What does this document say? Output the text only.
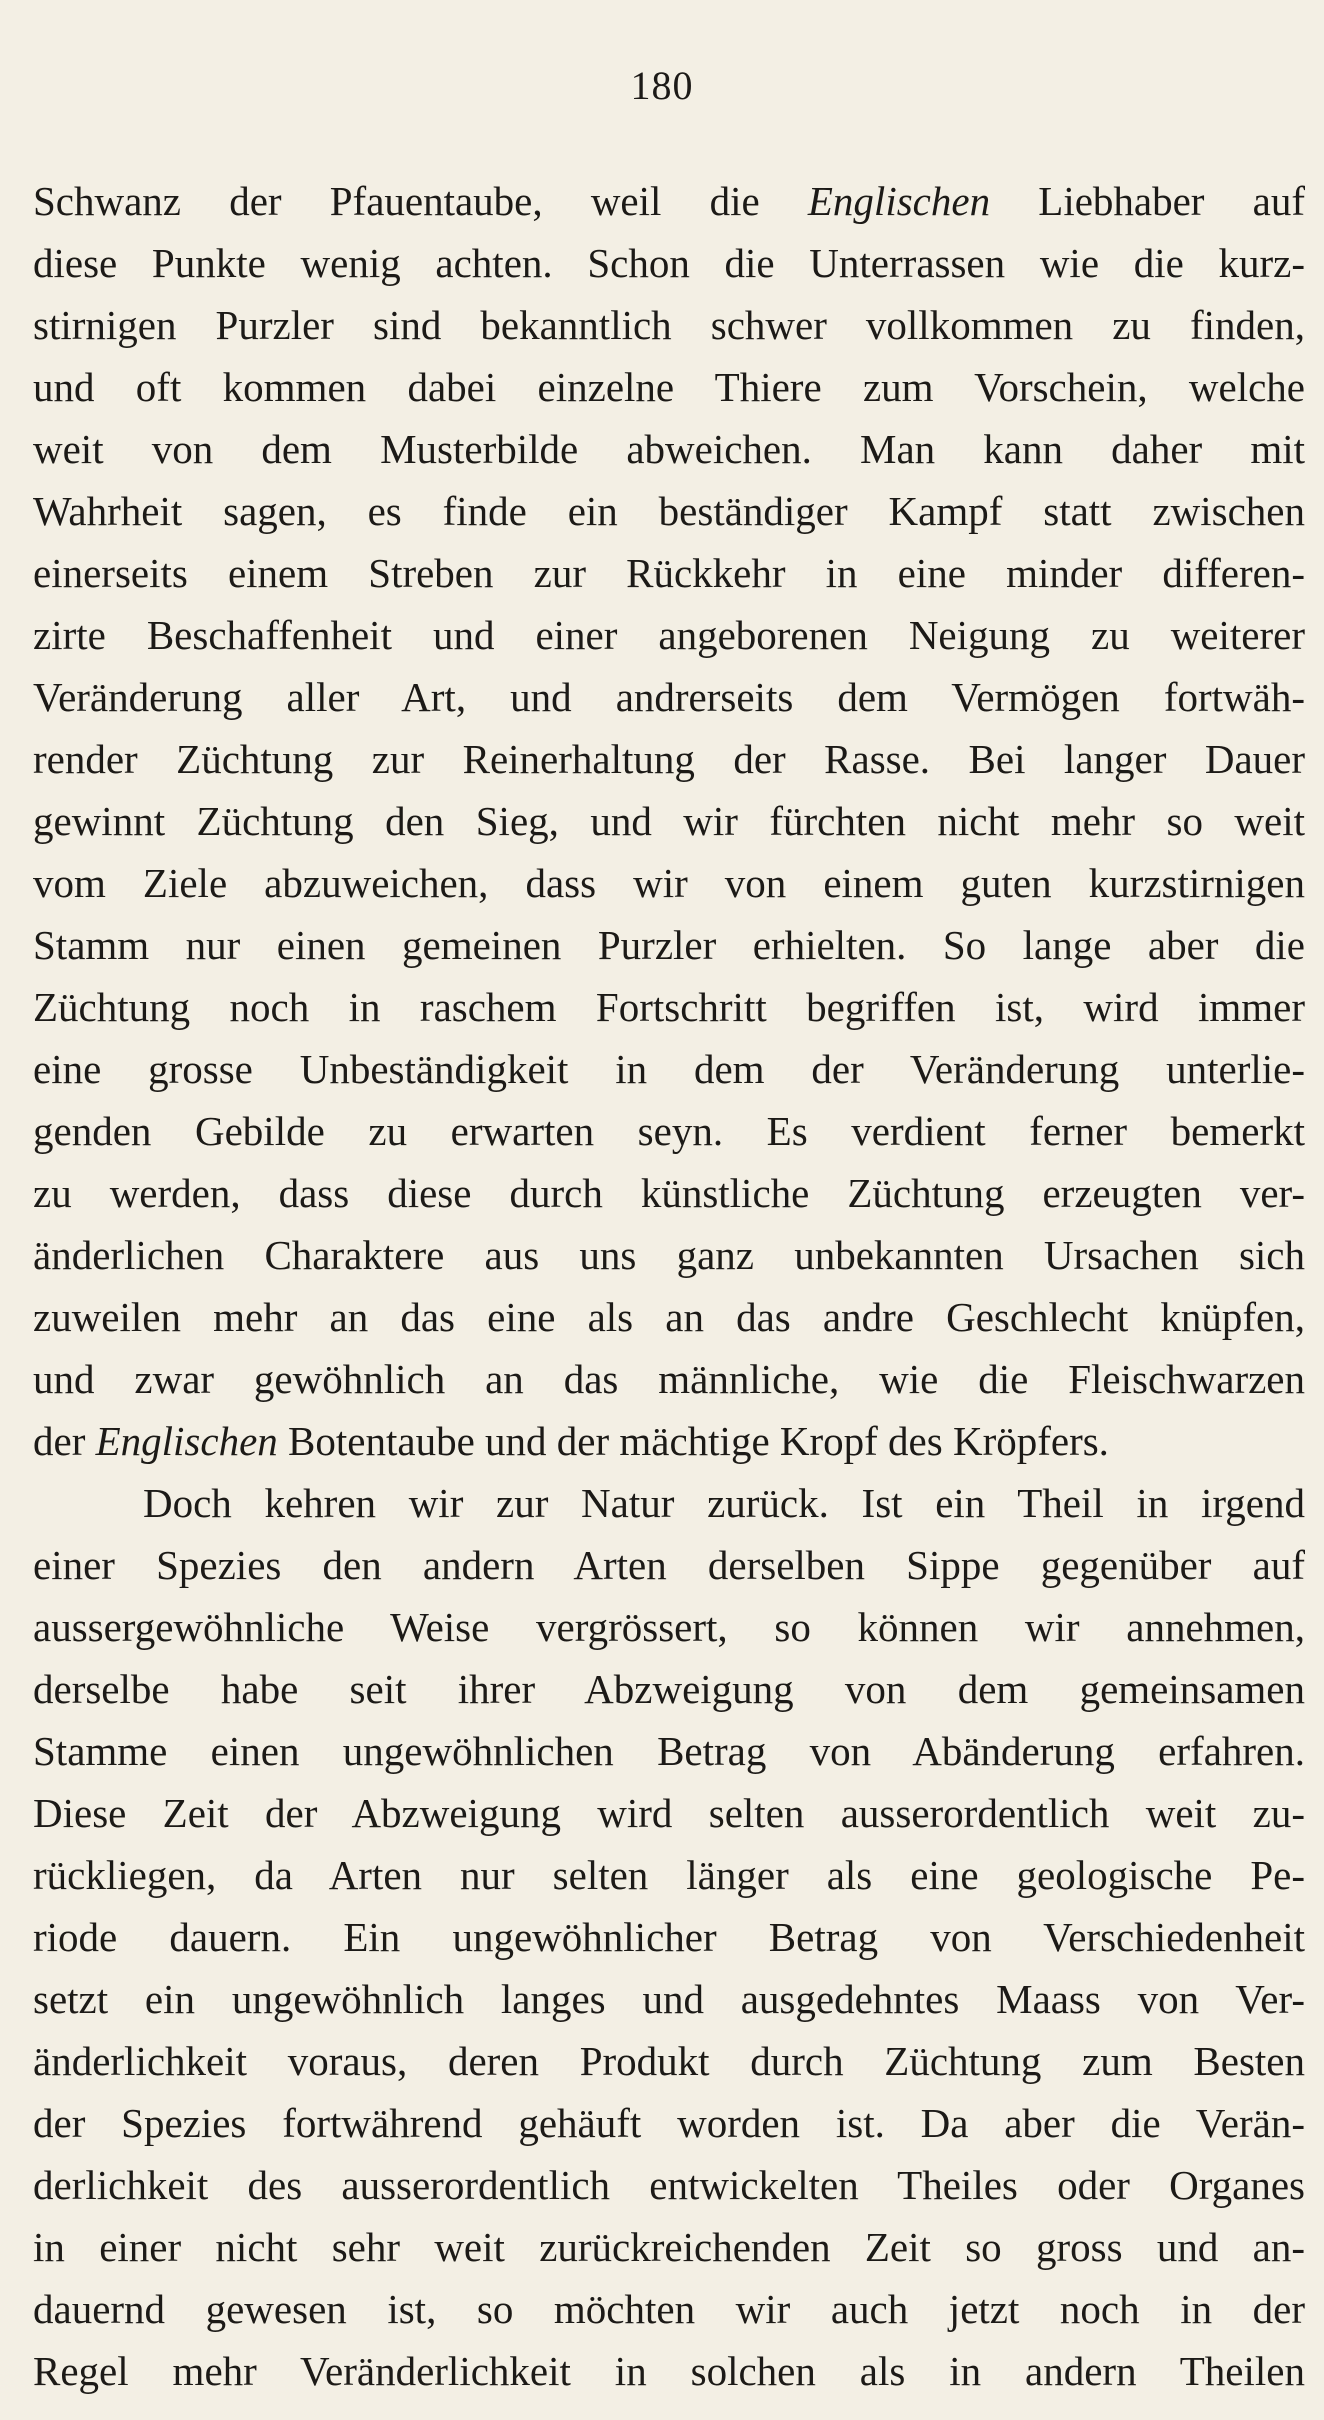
180
Schwanz der Pfauentaube, weil die Englischen Liebhaber auf
diese Punkte wenig achten. Schon die Unterrassen wie die kurz-
stirnigen Purzler sind bekanntlich schwer vollkommen zu finden,
und oft kommen dabei einzelne Thiere zum Vorschein, welche
weit von dem Musterbilde abweichen. Man kann daher mit
Wahrheit sagen, es finde ein beständiger Kampf statt zwischen
einerseits einem Streben zur Rückkehr in eine minder differen-
zirte Beschaffenheit und einer angeborenen Neigung zu weiterer
Veränderung aller Art, und andrerseits dem Vermögen fortwäh-
render Züchtung zur Reinerhaltung der Rasse. Bei langer Dauer
gewinnt Züchtung den Sieg, und wir fürchten nicht mehr so weit
vom Ziele abzuweichen, dass wir von einem guten kurzstirnigen
Stamm nur einen gemeinen Purzler erhielten. So lange aber die
Züchtung noch in raschem Fortschritt begriffen ist, wird immer
eine grosse Unbeständigkeit in dem der Veränderung unterlie-
genden Gebilde zu erwarten seyn. Es verdient ferner bemerkt
zu werden, dass diese durch künstliche Züchtung erzeugten ver-
änderlichen Charaktere aus uns ganz unbekannten Ursachen sich
zuweilen mehr an das eine als an das andre Geschlecht knüpfen,
und zwar gewöhnlich an das männliche, wie die Fleischwarzen
der Englischen Botentaube und der mächtige Kropf des Kröpfers.
Doch kehren wir zur Natur zurück. Ist ein Theil in irgend
einer Spezies den andern Arten derselben Sippe gegenüber auf
aussergewöhnliche Weise vergrössert, so können wir annehmen,
derselbe habe seit ihrer Abzweigung von dem gemeinsamen
Stamme einen ungewöhnlichen Betrag von Abänderung erfahren.
Diese Zeit der Abzweigung wird selten ausserordentlich weit zu-
rückliegen, da Arten nur selten länger als eine geologische Pe-
riode dauern. Ein ungewöhnlicher Betrag von Verschiedenheit
setzt ein ungewöhnlich langes und ausgedehntes Maass von Ver-
änderlichkeit voraus, deren Produkt durch Züchtung zum Besten
der Spezies fortwährend gehäuft worden ist. Da aber die Verän-
derlichkeit des ausserordentlich entwickelten Theiles oder Organes
in einer nicht sehr weit zurückreichenden Zeit so gross und an-
dauernd gewesen ist, so möchten wir auch jetzt noch in der
Regel mehr Veränderlichkeit in solchen als in andern Theilen
